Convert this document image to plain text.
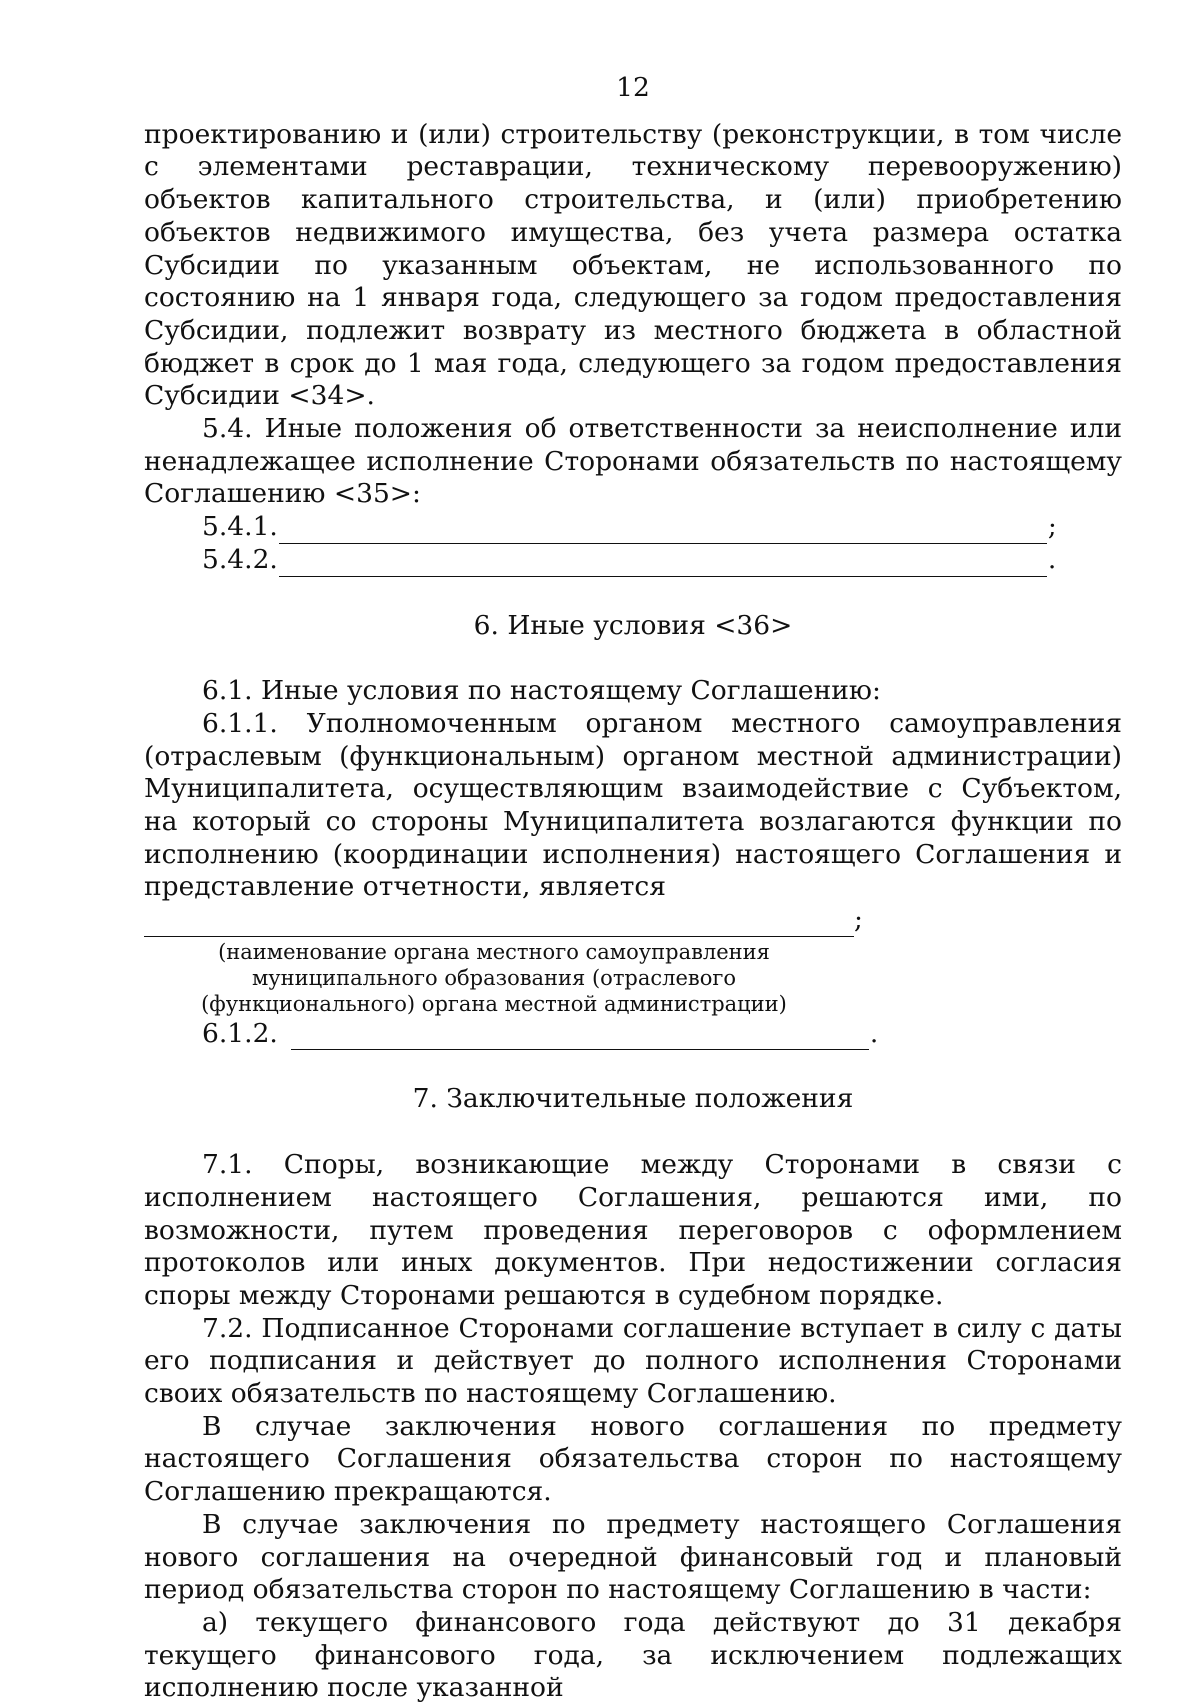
12

проектированию и (или) строительству (реконструкции, в том числе с элементами реставрации, техническому перевооружению) объектов капитального строительства, и (или) приобретению объектов недвижимого имущества, без учета размера остатка Субсидии по указанным объектам, не использованного по состоянию на 1 января года, следующего за годом предоставления Субсидии, подлежит возврату из местного бюджета в областной бюджет в срок до 1 мая года, следующего за годом предоставления Субсидии <34>.

5.4. Иные положения об ответственности за неисполнение или ненадлежащее исполнение Сторонами обязательств по настоящему Соглашению <35>:

5.4.1.	;
5.4.2.	.
6. Иные условия <36>

6.1. Иные условия по настоящему Соглашению:

6.1.1. Уполномоченным органом местного самоуправления (отраслевым (функциональным) органом местной администрации) Муниципалитета, осуществляющим взаимодействие с Субъектом, на который со стороны Муниципалитета возлагаются функции по исполнению (координации исполнения) настоящего Соглашения и представление отчетности, является

;
(наименование органа местного самоуправления
муниципального образования (отраслевого
(функционального) органа местной администрации)
6.1.2.	.
7. Заключительные положения

7.1. Споры, возникающие между Сторонами в связи с исполнением настоящего Соглашения, решаются ими, по возможности, путем проведения переговоров с оформлением протоколов или иных документов. При недостижении согласия споры между Сторонами решаются в судебном порядке.

7.2. Подписанное Сторонами соглашение вступает в силу с даты его подписания и действует до полного исполнения Сторонами своих обязательств по настоящему Соглашению.

В случае заключения нового соглашения по предмету настоящего Соглашения обязательства сторон по настоящему Соглашению прекращаются.

В случае заключения по предмету настоящего Соглашения нового соглашения на очередной финансовый год и плановый период обязательства сторон по настоящему Соглашению в части:

а) текущего финансового года действуют до 31 декабря текущего финансового года, за исключением подлежащих исполнению после указанной
